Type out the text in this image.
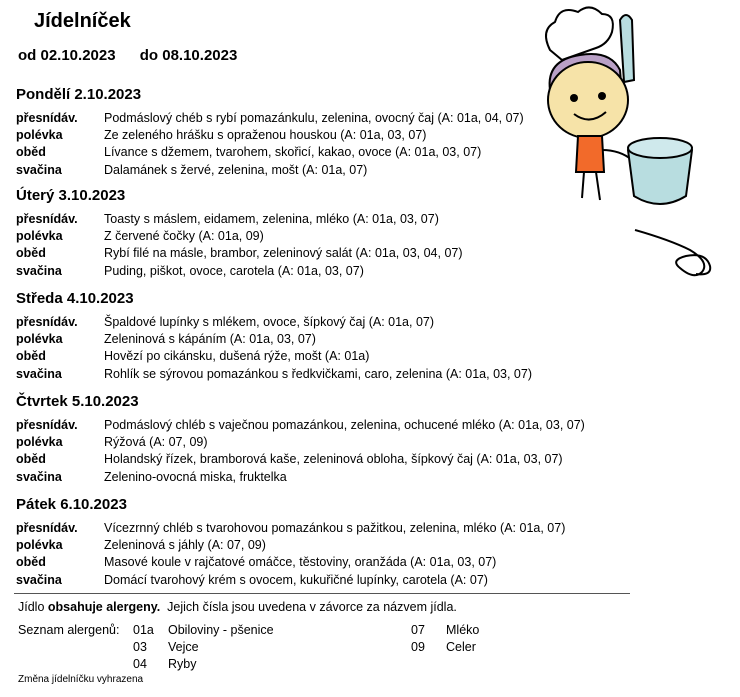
Jídelníček
od 02.10.2023 do 08.10.2023
Pondělí 2.10.2023
přesnídáv.	Podmáslový chéb s rybí pomazánkulu, zelenina, ovocný čaj (A: 01a, 04, 07)
polévka	Ze zeleného hrášku s opraženou houskou (A: 01a, 03, 07)
oběd	Lívance s džemem, tvarohem, skořicí, kakao, ovoce (A: 01a, 03, 07)
svačina	Dalamánek s žervé, zelenina, mošt (A: 01a, 07)
Úterý 3.10.2023
přesnídáv.	Toasty s máslem, eidamem, zelenina, mléko (A: 01a, 03, 07)
polévka	Z červené čočky (A: 01a, 09)
oběd	Rybí filé na másle, brambor, zeleninový salát (A: 01a, 03, 04, 07)
svačina	Puding, piškot, ovoce, carotela (A: 01a, 03, 07)
Středa 4.10.2023
přesnídáv.	Špaldové lupínky s mlékem, ovoce, šípkový čaj (A: 01a, 07)
polévka	Zeleninová s kápáním (A: 01a, 03, 07)
oběd	Hovězí po cikánsku, dušená rýže, mošt (A: 01a)
svačina	Rohlík se sýrovou pomazánkou s ředkvičkami, caro, zelenina (A: 01a, 03, 07)
Čtvrtek 5.10.2023
přesnídáv.	Podmáslový chléb s vaječnou pomazánkou, zelenina, ochucené mléko (A: 01a, 03, 07)
polévka	Rýžová (A: 07, 09)
oběd	Holandský řízek, bramborová kaše, zeleninová obloha, šípkový čaj (A: 01a, 03, 07)
svačina	Zelenino-ovocná miska, fruktelka
Pátek 6.10.2023
přesnídáv.	Vícezrnný chléb s tvarohovou pomazánkou s pažitkou, zelenina, mléko (A: 01a, 07)
polévka	Zeleninová s jáhly (A: 07, 09)
oběd	Masové koule v rajčatové omáčce, těstoviny, oranžáda (A: 01a, 03, 07)
svačina	Domácí tvarohový krém s ovocem, kukuřičné lupínky, carotela (A: 07)
Jídlo obsahuje alergeny.  Jejich čísla jsou uvedena v závorce za názvem jídla.
Seznam alergenů: 01a	Obiloviny - pšenice
03	Vejce
04	Ryby
07	Mléko
09	Celer
Změna jídelníčku vyhrazena
